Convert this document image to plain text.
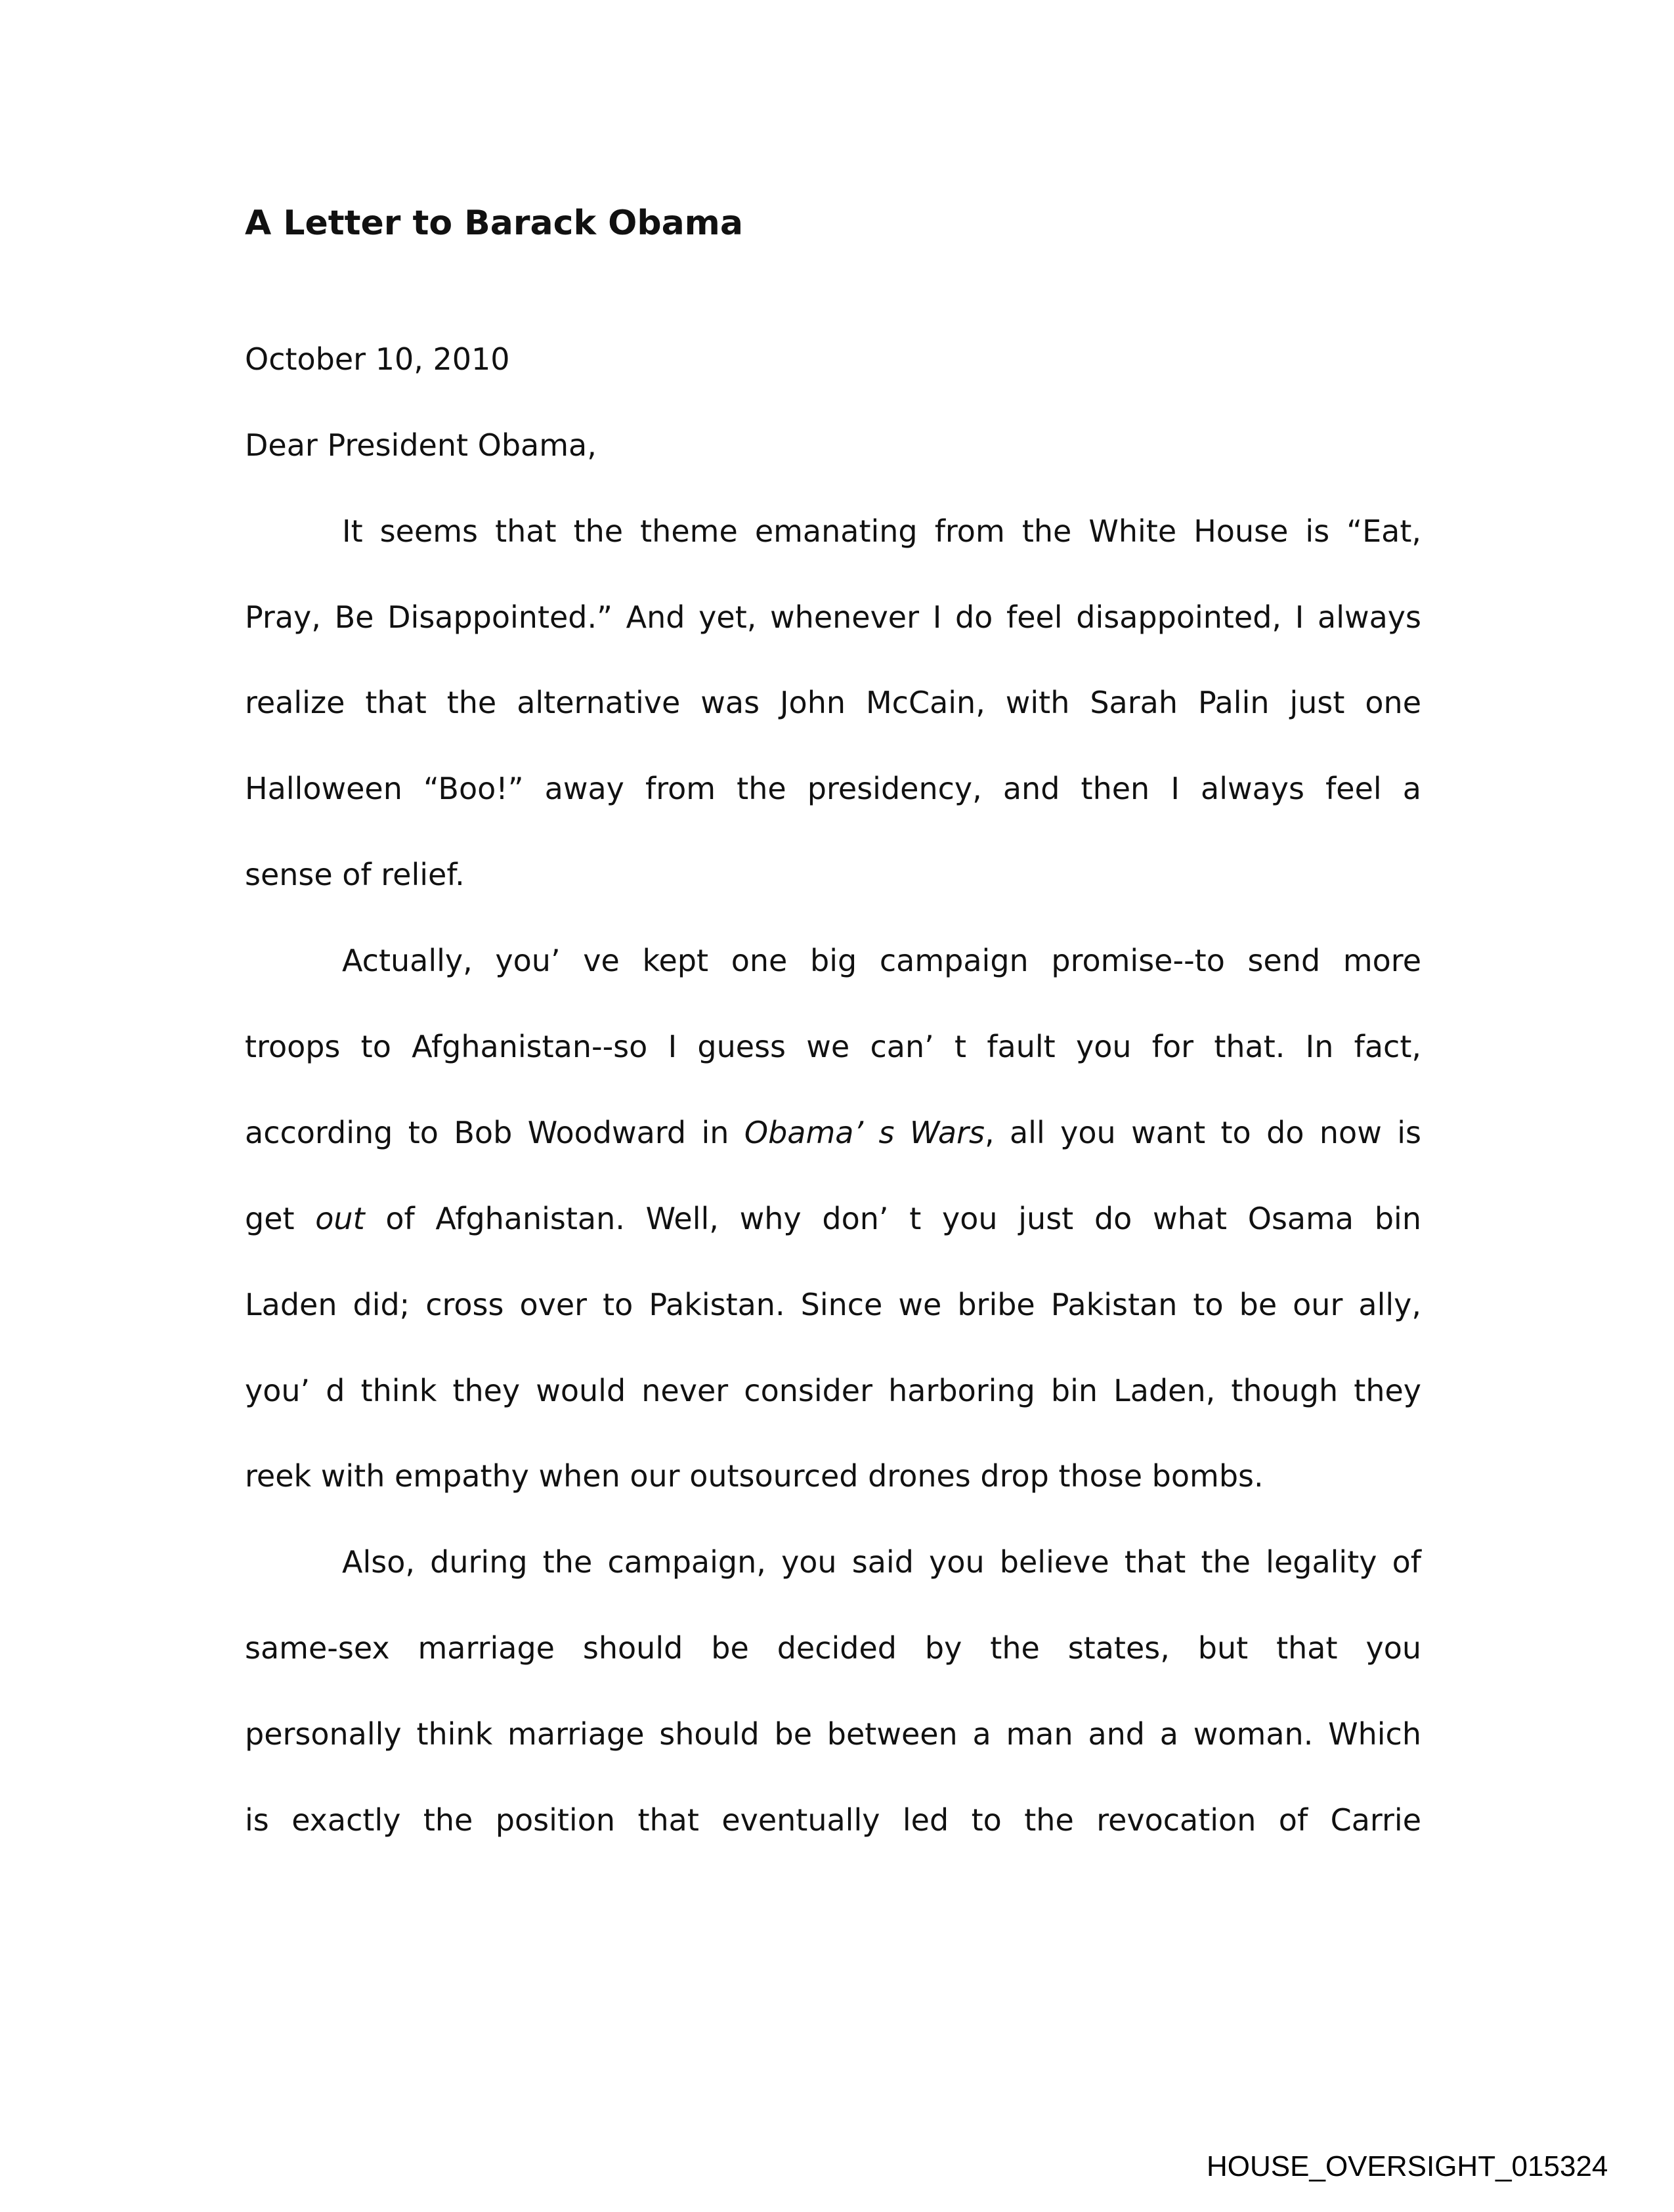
A Letter to Barack Obama

October 10, 2010

Dear President Obama,

It seems that the theme emanating from the White House is “Eat,

Pray, Be Disappointed.” And yet, whenever I do feel disappointed, I always

realize that the alternative was John McCain, with Sarah Palin just one

Halloween “Boo!” away from the presidency, and then I always feel a

sense of relief.

Actually, you’ ve kept one big campaign promise--to send more

troops to Afghanistan--so I guess we can’ t fault you for that. In fact,

according to Bob Woodward in Obama’ s Wars, all you want to do now is

get out of Afghanistan. Well, why don’ t you just do what Osama bin

Laden did; cross over to Pakistan. Since we bribe Pakistan to be our ally,

you’ d think they would never consider harboring bin Laden, though they

reek with empathy when our outsourced drones drop those bombs.

Also, during the campaign, you said you believe that the legality of

same-sex marriage should be decided by the states, but that you

personally think marriage should be between a man and a woman. Which

is exactly the position that eventually led to the revocation of Carrie

HOUSE_OVERSIGHT_015324
